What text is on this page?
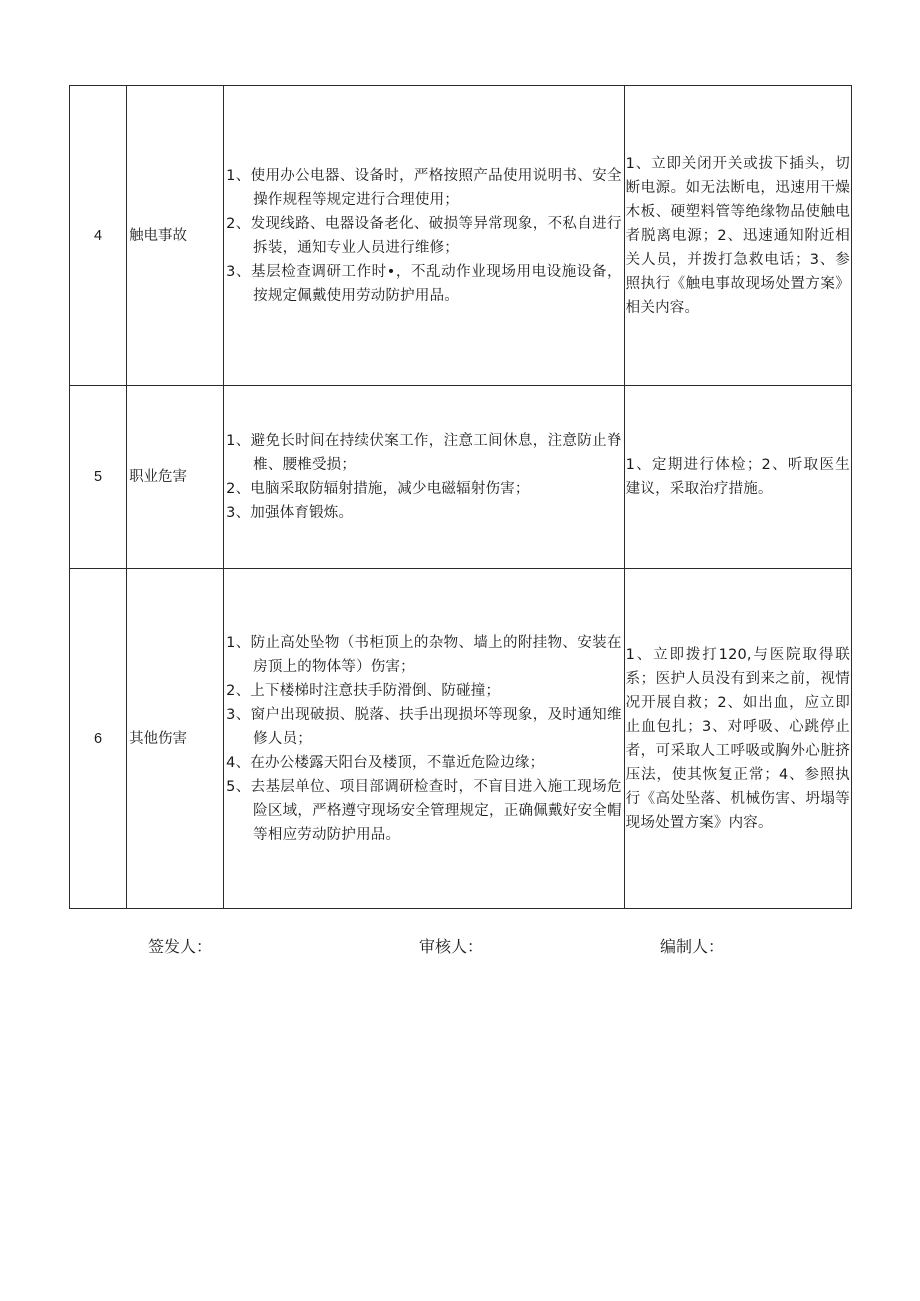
4	触电事故	1、使用办公电器、设备时，严格按照产品使用说明书、安全操作规程等规定进行合理使用；
2、发现线路、电器设备老化、破损等异常现象，不私自进行拆装，通知专业人员进行维修；
3、基层检查调研工作时•，不乱动作业现场用电设施设备，按规定佩戴使用劳动防护用品。	1、立即关闭开关或拔下插头，切断电源。如无法断电，迅速用干燥木板、硬塑料管等绝缘物品使触电者脱离电源；2、迅速通知附近相关人员，并拨打急救电话；3、参照执行《触电事故现场处置方案》相关内容。
5	职业危害	1、避免长时间在持续伏案工作，注意工间休息，注意防止脊椎、腰椎受损；
2、电脑采取防辐射措施，减少电磁辐射伤害；
3、加强体育锻炼。	1、定期进行体检；2、听取医生建议，采取治疗措施。
6	其他伤害	1、防止高处坠物（书柜顶上的杂物、墙上的附挂物、安装在房顶上的物体等）伤害；
2、上下楼梯时注意扶手防滑倒、防碰撞；
3、窗户出现破损、脱落、扶手出现损坏等现象，及时通知维修人员；
4、在办公楼露天阳台及楼顶，不靠近危险边缘；
5、去基层单位、项目部调研检查时，不盲目进入施工现场危险区域，严格遵守现场安全管理规定，正确佩戴好安全帽等相应劳动防护用品。	1、立即拨打120,与医院取得联系；医护人员没有到来之前，视情况开展自救；2、如出血，应立即止血包扎；3、对呼吸、心跳停止者，可采取人工呼吸或胸外心脏挤压法，使其恢复正常；4、参照执行《高处坠落、机械伤害、坍塌等现场处置方案》内容。
签发人：	审核人：	编制人：
